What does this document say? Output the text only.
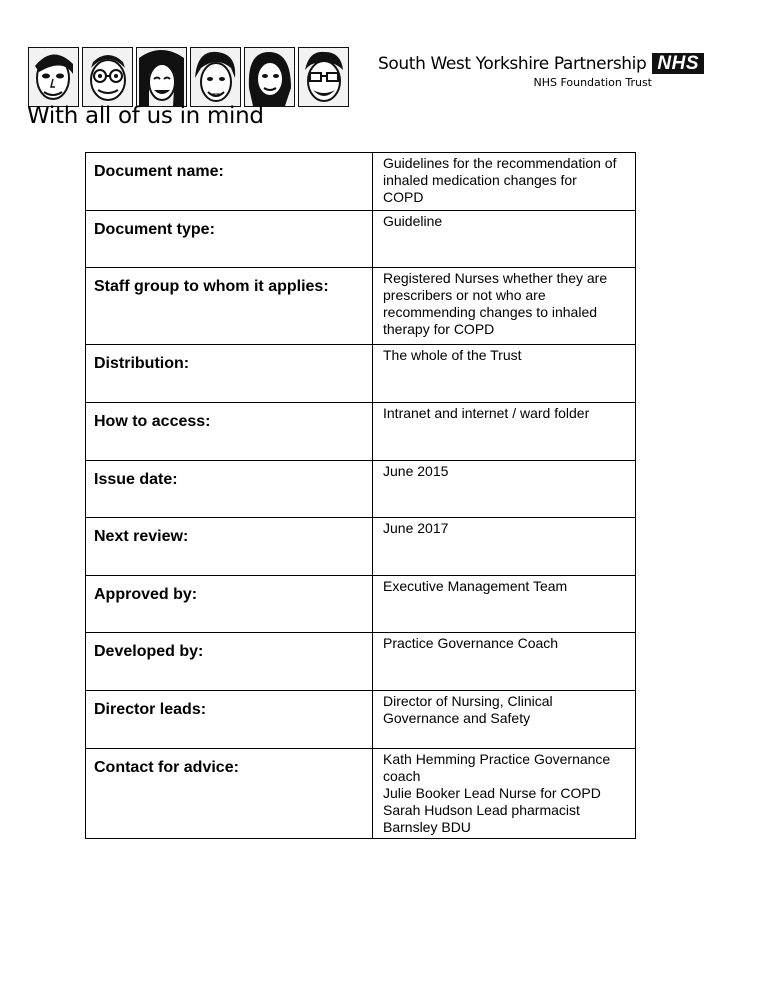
With all of us in mind
South West Yorkshire Partnership NHS
NHS Foundation Trust
Document name:	Guidelines for the recommendation of
inhaled medication changes for
COPD
Document type:	Guideline
Staff group to whom it applies:	Registered Nurses whether they are
prescribers or not who are
recommending changes to inhaled
therapy for COPD
Distribution:	The whole of the Trust
How to access:	Intranet and internet / ward folder
Issue date:	June 2015
Next review:	June 2017
Approved by:	Executive Management Team
Developed by:	Practice Governance Coach
Director leads:	Director of Nursing, Clinical
Governance and Safety
Contact for advice:	Kath Hemming Practice Governance
coach
Julie Booker Lead Nurse for COPD
Sarah Hudson Lead pharmacist
Barnsley BDU
